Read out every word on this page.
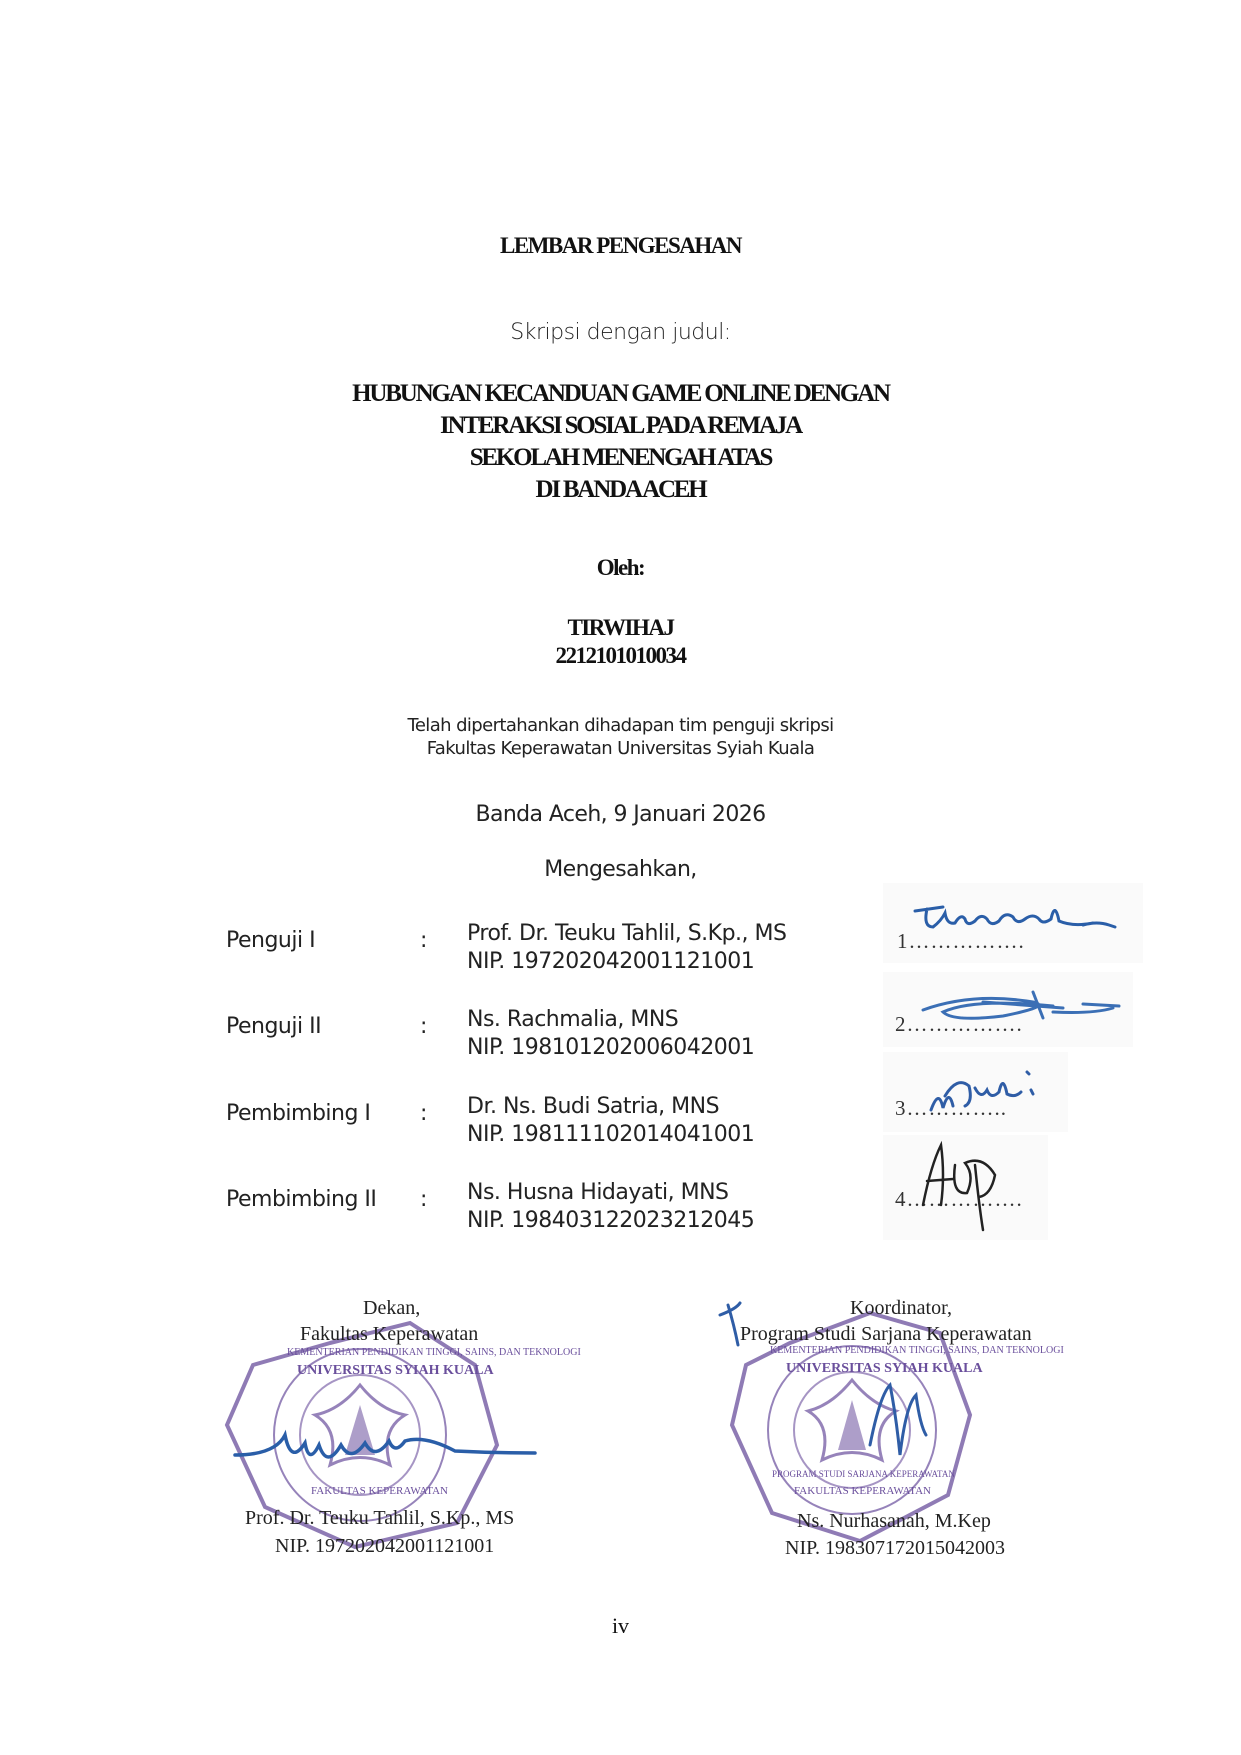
LEMBAR PENGESAHAN
Skripsi dengan judul:
HUBUNGAN KECANDUAN GAME ONLINE DENGAN
INTERAKSI SOSIAL PADA REMAJA
SEKOLAH MENENGAH ATAS
DI BANDA ACEH
Oleh:
TIRWIHAJ
2212101010034
Telah dipertahankan dihadapan tim penguji skripsi
Fakultas Keperawatan Universitas Syiah Kuala
Banda Aceh, 9 Januari 2026
Mengesahkan,
Penguji I	: Prof. Dr. Teuku Tahlil, S.Kp., MS
NIP. 197202042001121001
Penguji II	: Ns. Rachmalia, MNS
NIP. 198101202006042001
Pembimbing I : Dr. Ns. Budi Satria, MNS
NIP. 198111102014041001
Pembimbing II : Ns. Husna Hidayati, MNS
NIP. 198403122023212045
1…………….
2…………….
3…………..
4…………….
Dekan,
Fakultas Keperawatan
Prof. Dr. Teuku Tahlil, S.Kp., MS
NIP. 197202042001121001
KEMENTERIAN PENDIDIKAN TINGGI, SAINS, DAN TEKNOLOGI
UNIVERSITAS SYIAH KUALA
FAKULTAS KEPERAWATAN
Koordinator,
Program Studi Sarjana Keperawatan
Ns. Nurhasanah, M.Kep
NIP. 198307172015042003
KEMENTERIAN PENDIDIKAN TINGGI, SAINS, DAN TEKNOLOGI
UNIVERSITAS SYIAH KUALA
PROGRAM STUDI SARJANA KEPERAWATAN
FAKULTAS KEPERAWATAN
iv
